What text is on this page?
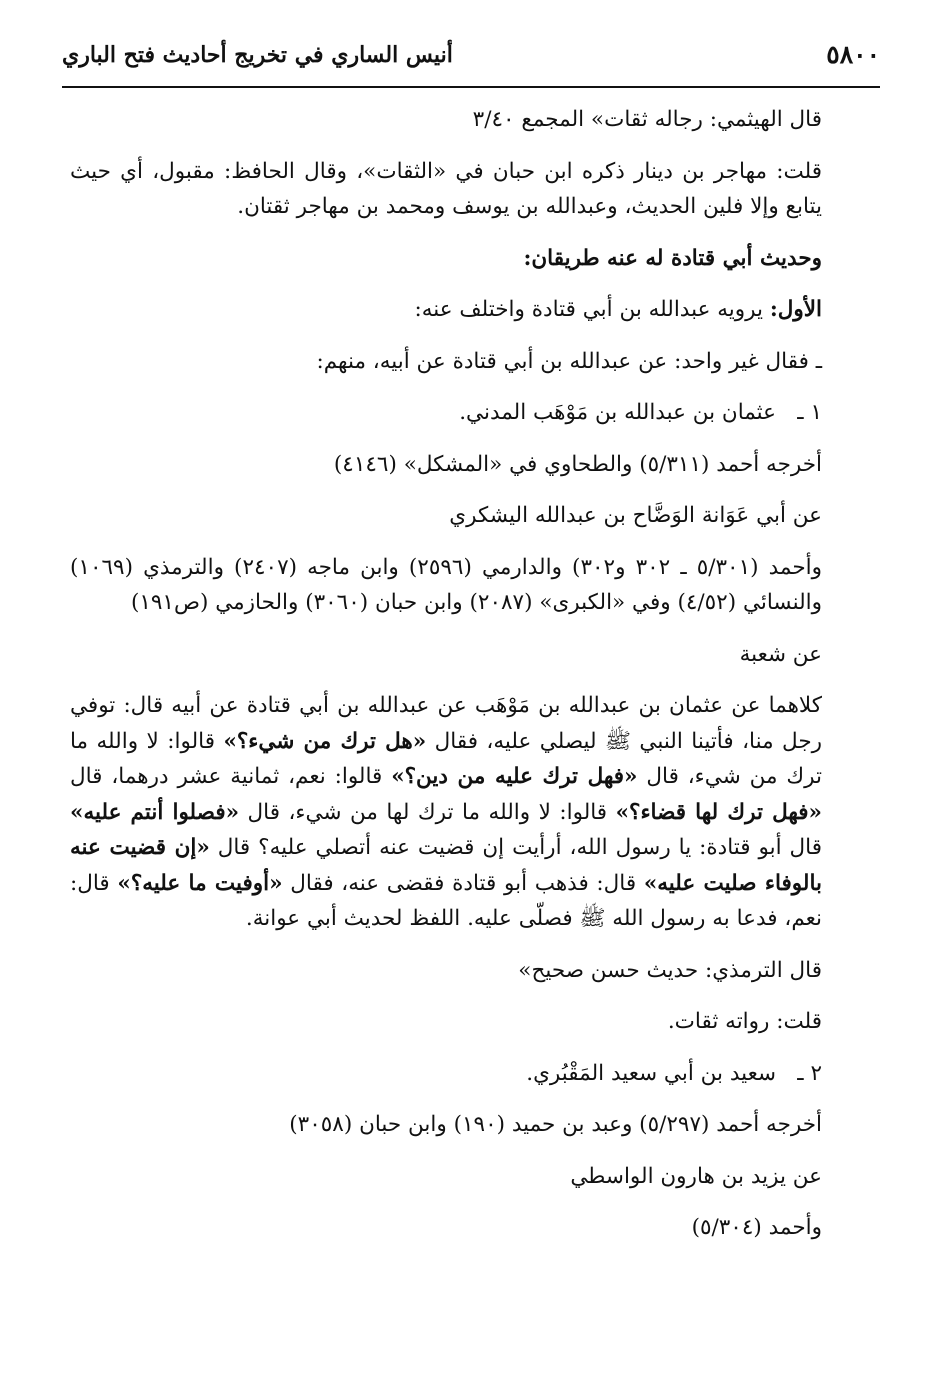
٥٨٠٠
أنيس الساري في تخريج أحاديث فتح الباري

قال الهيثمي: رجاله ثقات» المجمع ٣/٤٠

قلت: مهاجر بن دينار ذكره ابن حبان في «الثقات»، وقال الحافظ: مقبول، أي حيث يتابع وإلا فلين الحديث، وعبدالله بن يوسف ومحمد بن مهاجر ثقتان.

وحديث أبي قتادة له عنه طريقان:

الأول: يرويه عبدالله بن أبي قتادة واختلف عنه:

ـ فقال غير واحد: عن عبدالله بن أبي قتادة عن أبيه، منهم:

١ ـعثمان بن عبدالله بن مَوْهَب المدني.

أخرجه أحمد (٥/٣١١) والطحاوي في «المشكل» (٤١٤٦)

عن أبي عَوَانة الوَضَّاح بن عبدالله اليشكري

وأحمد (٥/٣٠١ ـ ٣٠٢ و٣٠٢) والدارمي (٢٥٩٦) وابن ماجه (٢٤٠٧) والترمذي (١٠٦٩) والنسائي (٤/٥٢) وفي «الكبرى» (٢٠٨٧) وابن حبان (٣٠٦٠) والحازمي (ص١٩١)

عن شعبة

كلاهما عن عثمان بن عبدالله بن مَوْهَب عن عبدالله بن أبي قتادة عن أبيه قال: توفي رجل منا، فأتينا النبي ﷺ ليصلي عليه، فقال «هل ترك من شيء؟» قالوا: لا والله ما ترك من شيء، قال «فهل ترك عليه من دين؟» قالوا: نعم، ثمانية عشر درهما، قال «فهل ترك لها قضاء؟» قالوا: لا والله ما ترك لها من شيء، قال «فصلوا أنتم عليه» قال أبو قتادة: يا رسول الله، أرأيت إن قضيت عنه أتصلي عليه؟ قال «إن قضيت عنه بالوفاء صليت عليه» قال: فذهب أبو قتادة فقضى عنه، فقال «أوفيت ما عليه؟» قال: نعم، فدعا به رسول الله ﷺ فصلّى عليه. اللفظ لحديث أبي عوانة.

قال الترمذي: حديث حسن صحيح»

قلت: رواته ثقات.

٢ ـسعيد بن أبي سعيد المَقْبُري.

أخرجه أحمد (٥/٢٩٧) وعبد بن حميد (١٩٠) وابن حبان (٣٠٥٨)

عن يزيد بن هارون الواسطي

وأحمد (٥/٣٠٤)
